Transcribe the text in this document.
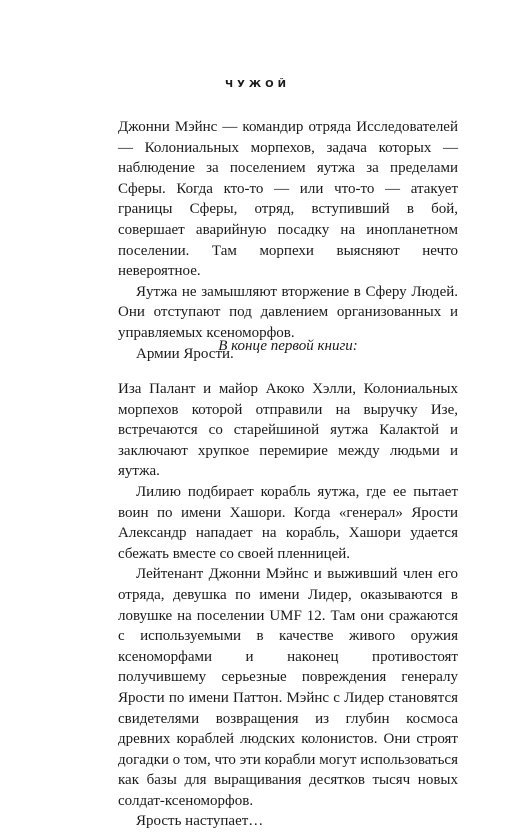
ЧУЖОЙ

Джонни Мэйнс — командир отряда Исследователей — Колониальных морпехов, задача которых — наблюдение за поселением яутжа за пределами Сферы. Когда кто-то — или что-то — атакует границы Сферы, отряд, вступивший в бой, совершает аварийную посадку на инопланетном поселении. Там морпехи выясняют нечто невероятное.

Яутжа не замышляют вторжение в Сферу Людей. Они отступают под давлением организованных и управляемых ксеноморфов.

Армии Ярости.

В конце первой книги:

Иза Палант и майор Акоко Хэлли, Колониальных морпехов которой отправили на выручку Изе, встречаются со старейшиной яутжа Калактой и заключают хрупкое перемирие между людьми и яутжа.

Лилию подбирает корабль яутжа, где ее пытает воин по имени Хашори. Когда «генерал» Ярости Александр нападает на корабль, Хашори удается сбежать вместе со своей пленницей.

Лейтенант Джонни Мэйнс и выживший член его отряда, девушка по имени Лидер, оказываются в ловушке на поселении UMF 12. Там они сражаются с используемыми в качестве живого оружия ксеноморфами и наконец противостоят получившему серьезные повреждения генералу Ярости по имени Паттон. Мэйнс с Лидер становятся свидетелями возвращения из глубин космоса древних кораблей людских колонистов. Они строят догадки о том, что эти корабли могут использоваться как базы для выращивания десятков тысяч новых солдат-ксеноморфов.

Ярость наступает…
